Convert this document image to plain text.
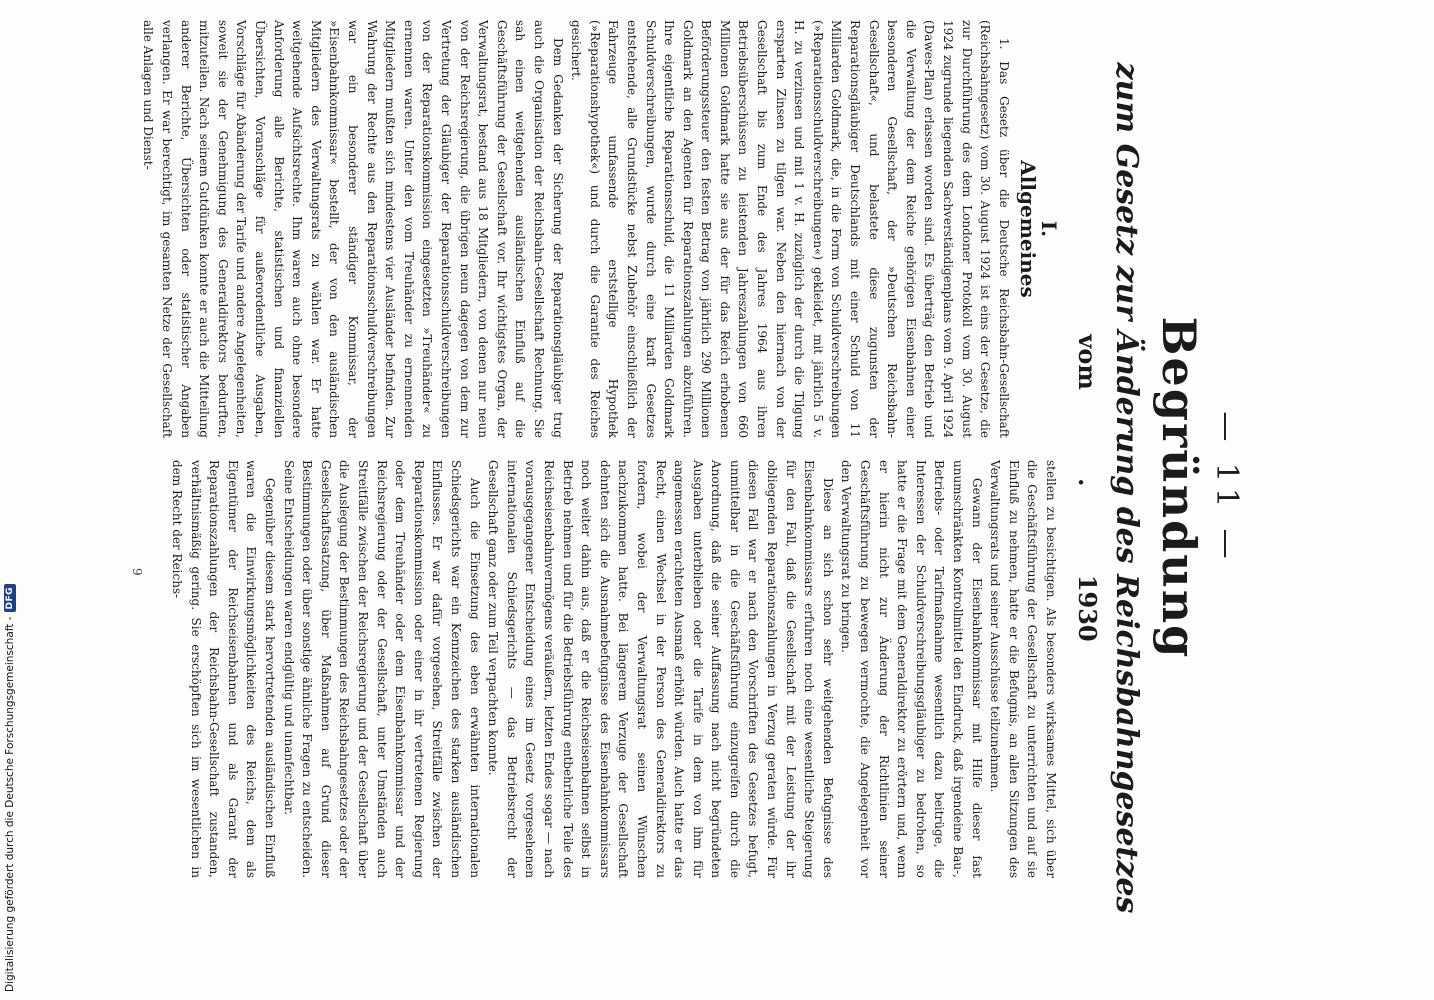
— 11 —
Begründung
zum Gesetz zur Änderung des Reichsbahngesetzes
vom . 1930
I.
Allgemeines

1. Das Gesetz über die Deutsche Reichsbahn-Gesellschaft (Reichsbahngesetz) vom 30. August 1924 ist eins der Gesetze, die zur Durchführung des dem Londoner Protokoll vom 30. August 1924 zugrunde liegenden Sachverständigenplans vom 9. April 1924 (Dawes-Plan) erlassen worden sind. Es überträg den Betrieb und die Verwaltung der dem Reiche gehörigen Eisenbahnen einer besonderen Gesellschaft, der »Deutschen Reichsbahn-Gesellschaft«, und belastete diese zugunsten der Reparationsgläubiger Deutschlands mit einer Schuld von 11 Milliarden Goldmark, die, in die Form von Schuldverschreibungen (»Reparationsschuldverschreibungen«) gekleidet, mit jährlich 5 v. H. zu verzinsen und mit 1 v. H. zuzüglich der durch die Tilgung ersparten Zinsen zu tilgen war. Neben den hiernach von der Gesellschaft bis zum Ende des Jahres 1964 aus ihren Betriebsüberschüssen zu leistenden Jahreszahlungen von 660 Millionen Goldmark hatte sie aus der für das Reich erhobenen Beförderungssteuer den festen Betrag von jährlich 290 Millionen Goldmark an den Agenten für Reparationszahlungen abzuführen. Ihre eigentliche Reparationsschuld, die 11 Milliarden Goldmark Schuldverschreibungen, wurde durch eine kraft Gesetzes entstehende, alle Grundstücke nebst Zubehör einschließlich der Fahrzeuge umfassende erststellige Hypothek (»Reparationshypothek«) und durch die Garantie des Reiches gesichert.

Dem Gedanken der Sicherung der Reparationsgläubiger trug auch die Organisation der Reichsbahn-Gesellschaft Rechnung. Sie sah einen weitgehenden ausländischen Einfluß auf die Geschäftsführung der Gesellschaft vor. Ihr wichtigstes Organ, der Verwaltungsrat, bestand aus 18 Mitgliedern, von denen nur neun von der Reichsregierung, die übrigen neun dagegen von dem zur Vertretung der Gläubiger der Reparationsschuldverschreibungen von der Reparationskommission eingesetzten »Treuhänder« zu ernennen waren. Unter den vom Treuhänder zu ernennenden Mitgliedern mußten sich mindestens vier Ausländer befinden. Zur Wahrung der Rechte aus den Reparationsschuldverschreibungen war ein besonderer ständiger Kommissar, der »Eisenbahnkommissar« bestellt, der von den ausländischen Mitgliedern des Verwaltungsrats zu wählen war. Er hatte weitgehende Aufsichtsrechte. Ihm waren auch ohne besondere Anforderung alle Berichte, statistischen und finanziellen Übersichten, Voranschläge für außerordentliche Ausgaben, Vorschläge für Abänderung der Tarife und andere Angelegenheiten, soweit sie der Genehmigung des Generaldirektors bedurften, mitzuteilen. Nach seinem Gutdünken konnte er auch die Mitteilung anderer Berichte, Übersichten oder statistischer Angaben verlangen. Er war berechtigt, im gesamten Netze der Gesellschaft alle Anlagen und Dienst-

stellen zu besichtigen. Als besonders wirksames Mittel, sich über die Geschäftsführung der Gesellschaft zu unterrichten und auf sie Einfluß zu nehmen, hatte er die Befugnis, an allen Sitzungen des Verwaltungsrats und seiner Ausschüsse teilzunehmen.

Gewann der Eisenbahnkommissar mit Hilfe dieser fast unumschränkten Kontrollmittel den Eindruck, daß irgendeine Bau-, Betriebs- oder Tarifmaßnahme wesentlich dazu beitrüge, die Interessen der Schuldverschreibungsgläubiger zu bedrohen, so hatte er die Frage mit dem Generaldirektor zu erörtern und, wenn er hierin nicht zur Änderung der Richtlinien seiner Geschäftsführung zu bewegen vermochte, die Angelegenheit vor den Verwaltungsrat zu bringen.

Diese an sich schon sehr weitgehenden Befugnisse des Eisenbahnkommissars erfuhren noch eine wesentliche Steigerung für den Fall, daß die Gesellschaft mit der Leistung der ihr obliegenden Reparationszahlungen in Verzug geraten würde. Für diesen Fall war er nach den Vorschriften des Gesetzes befugt, unmittelbar in die Geschäftsführung einzugreifen durch die Anordnung, daß die seiner Auffassung nach nicht begründeten Ausgaben unterblieben oder die Tarife in dem von ihm für angemessen erachteten Ausmaß erhöht würden. Auch hatte er das Recht, einen Wechsel in der Person des Generaldirektors zu fordern, wobei der Verwaltungsrat seinen Wünschen nachzukommen hatte. Bei längerem Verzuge der Gesellschaft dehnten sich die Ausnahmebefugnisse des Eisenbahnkommissars noch weiter dahin aus, daß er die Reichseisenbahnen selbst in Betrieb nehmen und für die Betriebsführung entbehrliche Teile des Reichseisenbahnvermögens veräußern, letzten Endes sogar — nach vorausgegangener Entscheidung eines im Gesetz vorgesehenen internationalen Schiedsgerichts — das Betriebsrecht der Gesellschaft ganz oder zum Teil verpachten konnte.

Auch die Einsetzung des eben erwähnten internationalen Schiedsgerichts war ein Kennzeichen des starken ausländischen Einflusses. Er war dafür vorgesehen, Streitfälle zwischen der Reparationskommission oder einer in ihr vertretenen Regierung oder dem Treuhänder oder dem Eisenbahnkommissar und der Reichsregierung oder der Gesellschaft, unter Umständen auch Streitfälle zwischen der Reichsregierung und der Gesellschaft über die Auslegung der Bestimmungen des Reichsbahngesetzes oder der Gesellschaftssatzung, über Maßnahmen auf Grund dieser Bestimmungen oder über sonstige ähnliche Fragen zu entscheiden. Seine Entscheidungen waren endgültig und unanfechtbar.

Gegenüber diesem stark hervortretenden ausländischen Einfluß waren die Einwirkungsmöglichkeiten des Reichs, dem als Eigentümer der Reichseisenbahnen und als Garant der Reparationszahlungen der Reichsbahn-Gesellschaft zustanden, verhältnismäßig gering. Sie erschöpften sich im wesentlichen in dem Recht der Reichs-

9
Digitalisierung gefördert durch die Deutsche Forschungsgemeinschaft -
DFG
